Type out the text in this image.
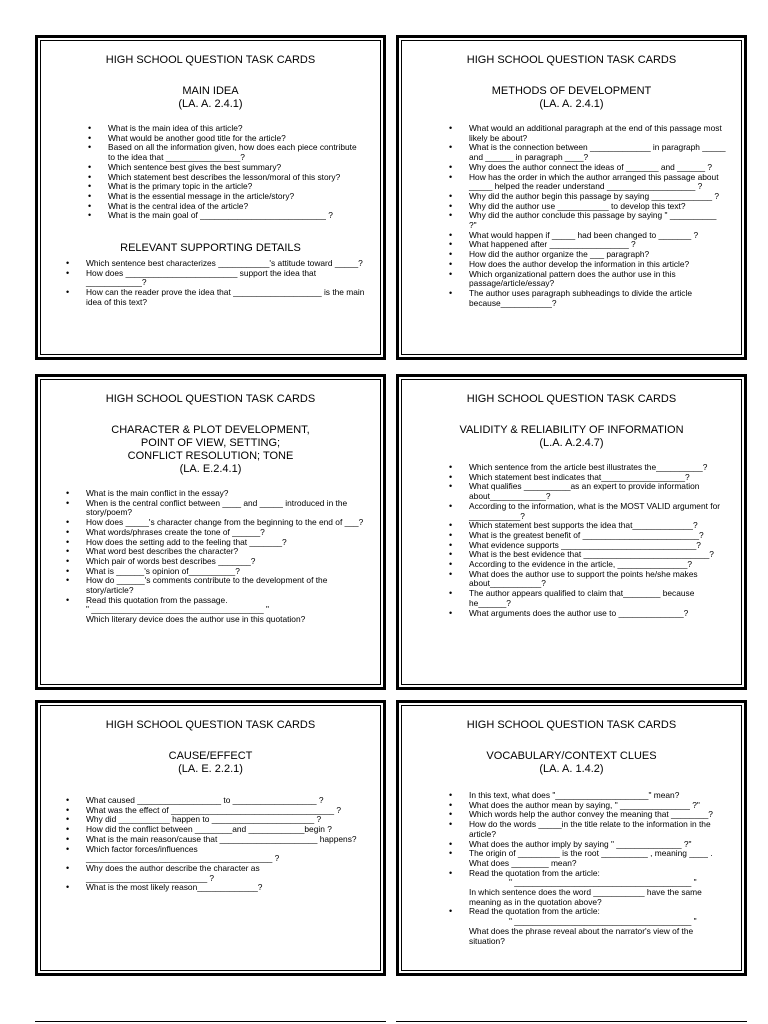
HIGH SCHOOL QUESTION TASK CARDS
MAIN IDEA
(LA. A. 2.4.1)
• What is the main idea of this article?
• What would be another good title for the article?
• Based on all the information given, how does each piece contribute to the idea that ________________?
• Which sentence best gives the best summary?
• Which statement best describes the lesson/moral of this story?
• What is the primary topic in the article?
• What is the essential message in the article/story?
• What is the central idea of the article?
• What is the main goal of ___________________________ ?
RELEVANT SUPPORTING DETAILS
• Which sentence best characterizes ___________'s attitude toward _____?
• How does ________________________ support the idea that ____________?
• How can the reader prove the idea that ___________________ is the main idea of this text?
HIGH SCHOOL QUESTION TASK CARDS
METHODS OF DEVELOPMENT
(LA. A. 2.4.1)
• What would an additional paragraph at the end of this passage most likely be about?
• What is the connection between _____________ in paragraph _____ and ______ in paragraph ____?
• Why does the author connect the ideas of _______ and ______ ?
• How has the order in which the author arranged this passage about _____ helped the reader understand ___________________ ?
• Why did the author begin this passage by saying _____________ ?
• Why did the author use ___________ to develop this text?
• Why did the author conclude this passage by saying " __________ ?"
• What would happen if _____ had been changed to _______ ?
• What happened after _________________ ?
• How did the author organize the ___ paragraph?
• How does the author develop the information in this article?
• Which organizational pattern does the author use in this passage/article/essay?
• The author uses paragraph subheadings to divide the article because___________?
HIGH SCHOOL QUESTION TASK CARDS
CHARACTER & PLOT DEVELOPMENT,
POINT OF VIEW, SETTING;
CONFLICT RESOLUTION; TONE
(LA. E.2.4.1)
• What is the main conflict in the essay?
• When is the central conflict between ____ and _____ introduced in the story/poem?
• How does _____'s character change from the beginning to the end of ___?
• What words/phrases create the tone of ______?
• How does the setting add to the feeling that _______?
• What word best describes the character?
• Which pair of words best describes _______?
• What is ______'s opinion of__________?
• How do ______'s comments contribute to the development of the story/article?
• Read this quotation from the passage.
" _____________________________________ "
Which literary device does the author use in this quotation?
HIGH SCHOOL QUESTION TASK CARDS
VALIDITY & RELIABILITY OF INFORMATION
(L.A. A.2.4.7)
• Which sentence from the article best illustrates the__________?
• Which statement best indicates that__________________?
• What qualifies __________as an expert to provide information about____________?
• According to the information, what is the MOST VALID argument for ___________?
• Which statement best supports the idea that_____________?
• What is the greatest benefit of _________________________?
• What evidence supports _____________________________?
• What is the best evidence that ___________________________?
• According to the evidence in the article, _______________?
• What does the author use to support the points he/she makes about___________?
• The author appears qualified to claim that________ because he______?
• What arguments does the author use to ______________?
HIGH SCHOOL QUESTION TASK CARDS
CAUSE/EFFECT
(LA. E. 2.2.1)
• What caused __________________ to __________________ ?
• What was the effect of ___________________________________ ?
• Why did ___________ happen to ______________________ ?
• How did the conflict between ________and ____________begin ?
• What is the main reason/cause that _____________________ happens?
• Which factor forces/influences ________________________________________ ?
• Why does the author describe the character as __________________________ ?
• What is the most likely reason_____________?
HIGH SCHOOL QUESTION TASK CARDS
VOCABULARY/CONTEXT CLUES
(LA. A. 1.4.2)
• In this text, what does "____________________" mean?
• What does the author mean by saying, " _______________ ?"
• Which words help the author convey the meaning that ________?
• How do the words _____in the title relate to the information in the article?
• What does the author imply by saying " ______________ ?"
• The origin of _________ is the root __________ , meaning ____ . What does ________ mean?
• Read the quotation from the article:
" ______________________________________ "
In which sentence does the word ___________ have the same meaning as in the quotation above?
• Read the quotation from the article:
" ______________________________________ "
What does the phrase reveal about the narrator's view of the situation?
